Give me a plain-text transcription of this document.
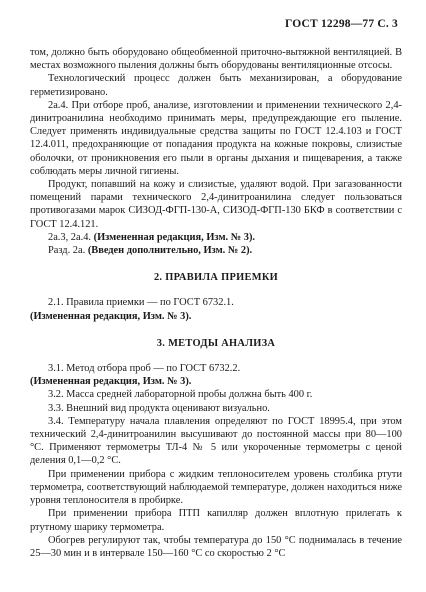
ГОСТ 12298—77 С. 3

том, должно быть оборудовано общеобменной приточно-вытяжной вентиляцией. В местах возможного пыления должны быть оборудованы вентиляционные отсосы.

Технологический процесс должен быть механизирован, а оборудование герметизировано.

2а.4. При отборе проб, анализе, изготовлении и применении технического 2,4-динитроанилина необходимо принимать меры, предупреждающие его пыление. Следует применять индивидуальные средства защиты по ГОСТ 12.4.103 и ГОСТ 12.4.011, предохраняющие от попадания продукта на кожные покровы, слизистые оболочки, от проникновения его пыли в органы дыхания и пищеварения, а также соблюдать меры личной гигиены.

Продукт, попавший на кожу и слизистые, удаляют водой. При загазованности помещений парами технического 2,4-динитроанилина следует пользоваться противогазами марок СИЗОД-ФГП-130-А, СИЗОД-ФГП-130 БКФ в соответствии с ГОСТ 12.4.121.

2а.3, 2а.4. (Измененная редакция, Изм. № 3).

Разд. 2а. (Введен дополнительно, Изм. № 2).

2. ПРАВИЛА ПРИЕМКИ

2.1. Правила приемки — по ГОСТ 6732.1.

(Измененная редакция, Изм. № 3).

3. МЕТОДЫ АНАЛИЗА

3.1. Метод отбора проб — по ГОСТ 6732.2.

(Измененная редакция, Изм. № 3).

3.2. Масса средней лабораторной пробы должна быть 400 г.

3.3. Внешний вид продукта оценивают визуально.

3.4. Температуру начала плавления определяют по ГОСТ 18995.4, при этом технический 2,4-динитроанилин высушивают до постоянной массы при 80—100 °С. Применяют термометры ТЛ-4 № 5 или укороченные термометры с ценой деления 0,1—0,2 °С.

При применении прибора с жидким теплоносителем уровень столбика ртути термометра, соответствующий наблюдаемой температуре, должен находиться ниже уровня теплоносителя в пробирке.

При применении прибора ПТП капилляр должен вплотную прилегать к ртутному шарику термометра.

Обогрев регулируют так, чтобы температура до 150 °С поднималась в течение 25—30 мин и в интервале 150—160 °С со скоростью 2 °С
